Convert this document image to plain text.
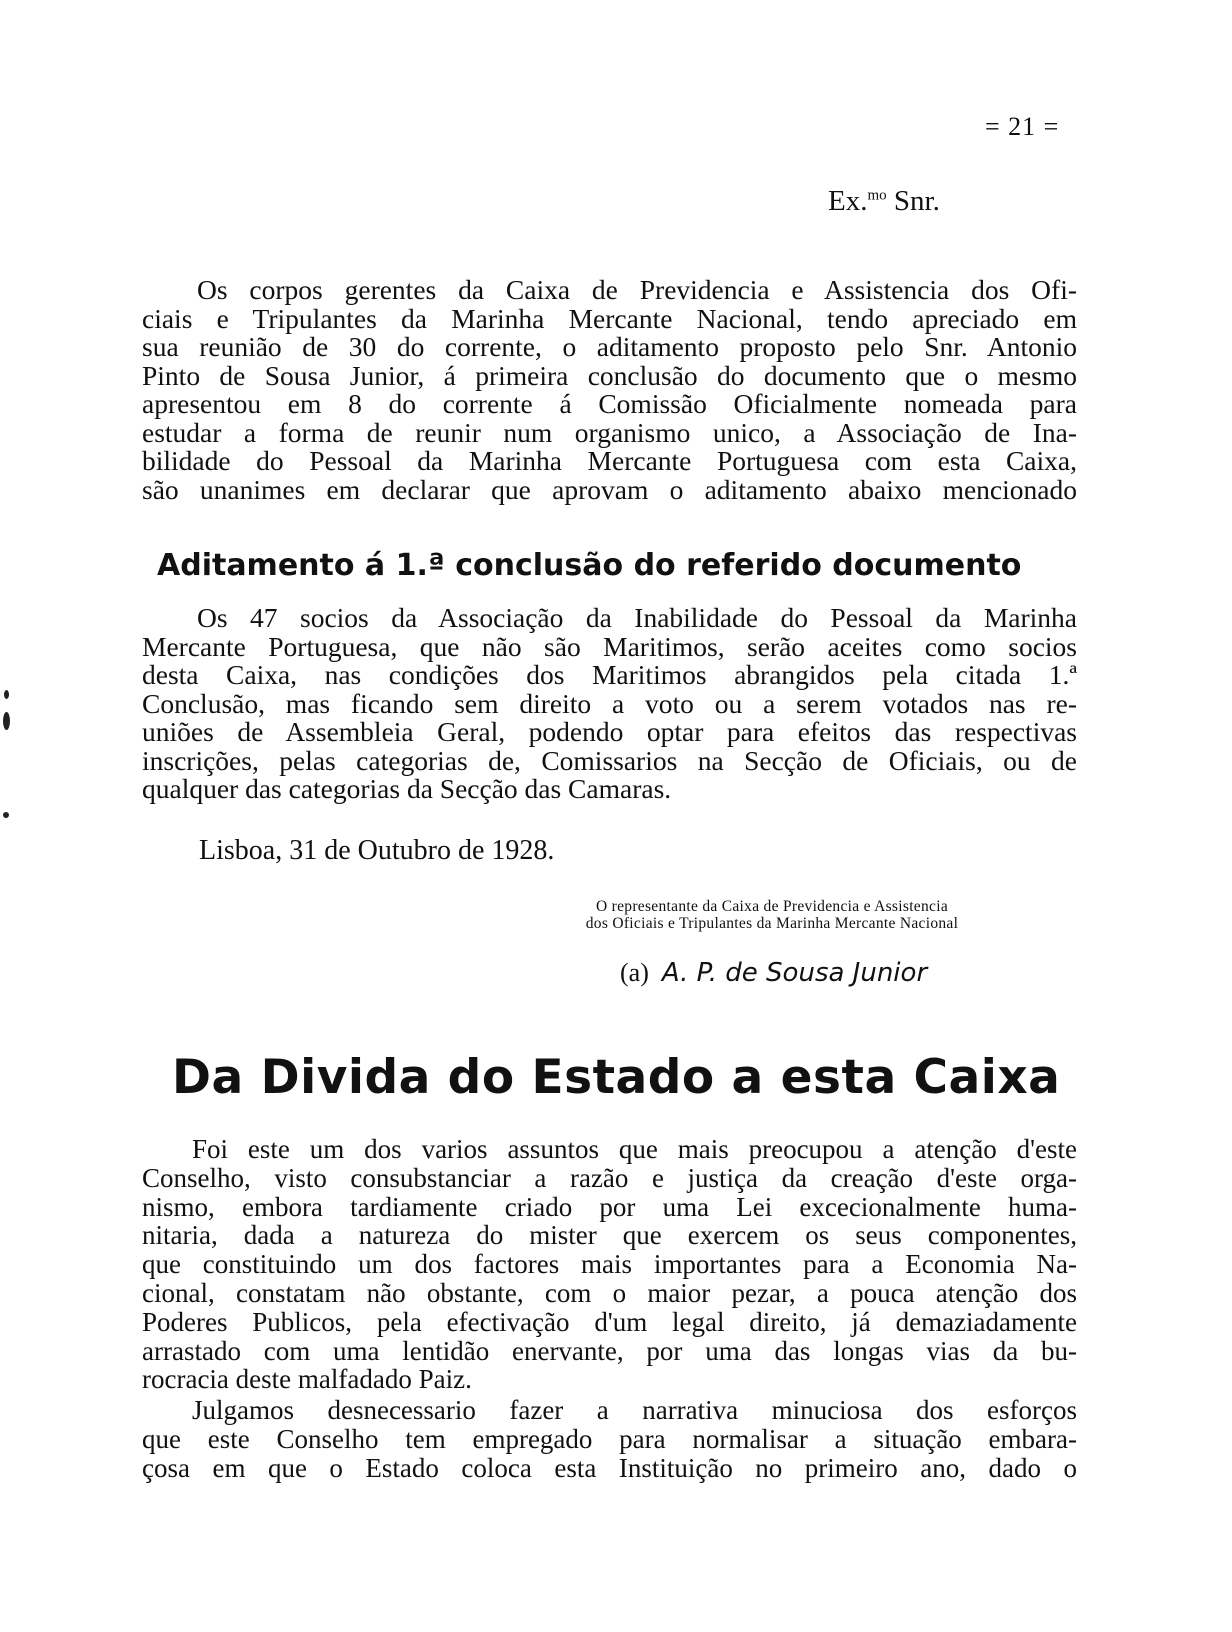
= 21 =
Ex.$^{mo}$ Snr.

Os corpos gerentes da Caixa de Previdencia e Assistencia dos Ofi-
ciais e Tripulantes da Marinha Mercante Nacional, tendo apreciado em
sua reunião de 30 do corrente, o aditamento proposto pelo Snr. Antonio
Pinto de Sousa Junior, á primeira conclusão do documento que o mesmo
apresentou em 8 do corrente á Comissão Oficialmente nomeada para
estudar a forma de reunir num organismo unico, a Associação de Ina-
bilidade do Pessoal da Marinha Mercante Portuguesa com esta Caixa,
são unanimes em declarar que aprovam o aditamento abaixo mencionado

Aditamento á 1.ª conclusão do referido documento

Os 47 socios da Associação da Inabilidade do Pessoal da Marinha
Mercante Portuguesa, que não são Maritimos, serão aceites como socios
desta Caixa, nas condições dos Maritimos abrangidos pela citada 1.ª
Conclusão, mas ficando sem direito a voto ou a serem votados nas re-
uniões de Assembleia Geral, podendo optar para efeitos das respectivas
inscrições, pelas categorias de, Comissarios na Secção de Oficiais, ou de
qualquer das categorias da Secção das Camaras.

Lisboa, 31 de Outubro de 1928.
O representante da Caixa de Previdencia e Assistencia
dos Oficiais e Tripulantes da Marinha Mercante Nacional
(a) A. P. de Sousa Junior
Da Divida do Estado a esta Caixa

Foi este um dos varios assuntos que mais preocupou a atenção d'este
Conselho, visto consubstanciar a razão e justiça da creação d'este orga-
nismo, embora tardiamente criado por uma Lei excecionalmente huma-
nitaria, dada a natureza do mister que exercem os seus componentes,
que constituindo um dos factores mais importantes para a Economia Na-
cional, constatam não obstante, com o maior pezar, a pouca atenção dos
Poderes Publicos, pela efectivação d'um legal direito, já demaziadamente
arrastado com uma lentidão enervante, por uma das longas vias da bu-
rocracia deste malfadado Paiz.

Julgamos desnecessario fazer a narrativa minuciosa dos esforços
que este Conselho tem empregado para normalisar a situação embara-
çosa em que o Estado coloca esta Instituição no primeiro ano, dado o
